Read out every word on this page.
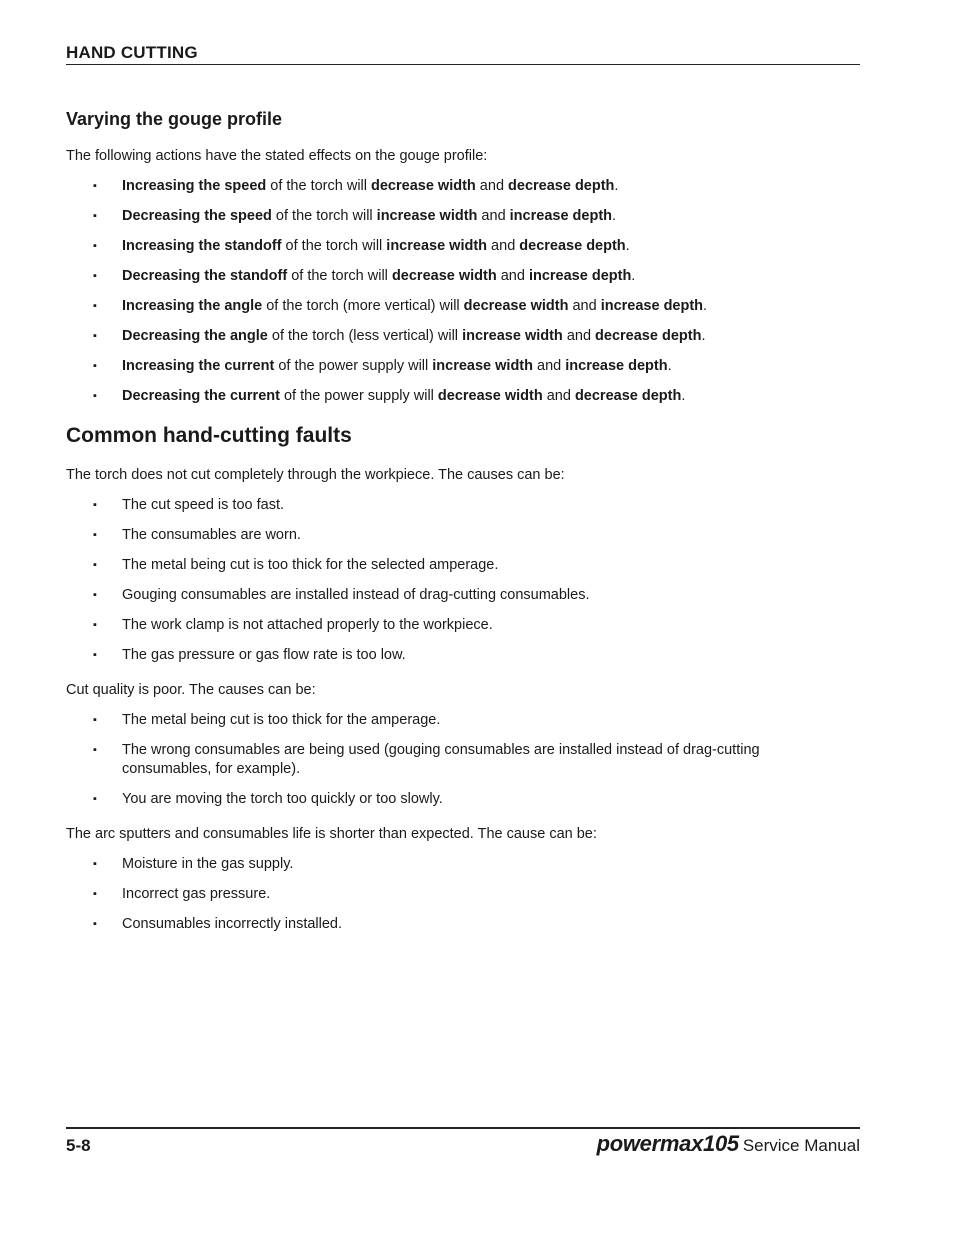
HAND CUTTING
Varying the gouge profile
The following actions have the stated effects on the gouge profile:
▪ Increasing the speed of the torch will decrease width and decrease depth.
▪ Decreasing the speed of the torch will increase width and increase depth.
▪ Increasing the standoff of the torch will increase width and decrease depth.
▪ Decreasing the standoff of the torch will decrease width and increase depth.
▪ Increasing the angle of the torch (more vertical) will decrease width and increase depth.
▪ Decreasing the angle of the torch (less vertical) will increase width and decrease depth.
▪ Increasing the current of the power supply will increase width and increase depth.
▪ Decreasing the current of the power supply will decrease width and decrease depth.
Common hand-cutting faults
The torch does not cut completely through the workpiece. The causes can be:
▪ The cut speed is too fast.
▪ The consumables are worn.
▪ The metal being cut is too thick for the selected amperage.
▪ Gouging consumables are installed instead of drag-cutting consumables.
▪ The work clamp is not attached properly to the workpiece.
▪ The gas pressure or gas flow rate is too low.
Cut quality is poor. The causes can be:
▪ The metal being cut is too thick for the amperage.
▪ The wrong consumables are being used (gouging consumables are installed instead of drag-cutting consumables, for example).
▪ You are moving the torch too quickly or too slowly.
The arc sputters and consumables life is shorter than expected. The cause can be:
▪ Moisture in the gas supply.
▪ Incorrect gas pressure.
▪ Consumables incorrectly installed.
5-8	powermax105 Service Manual
